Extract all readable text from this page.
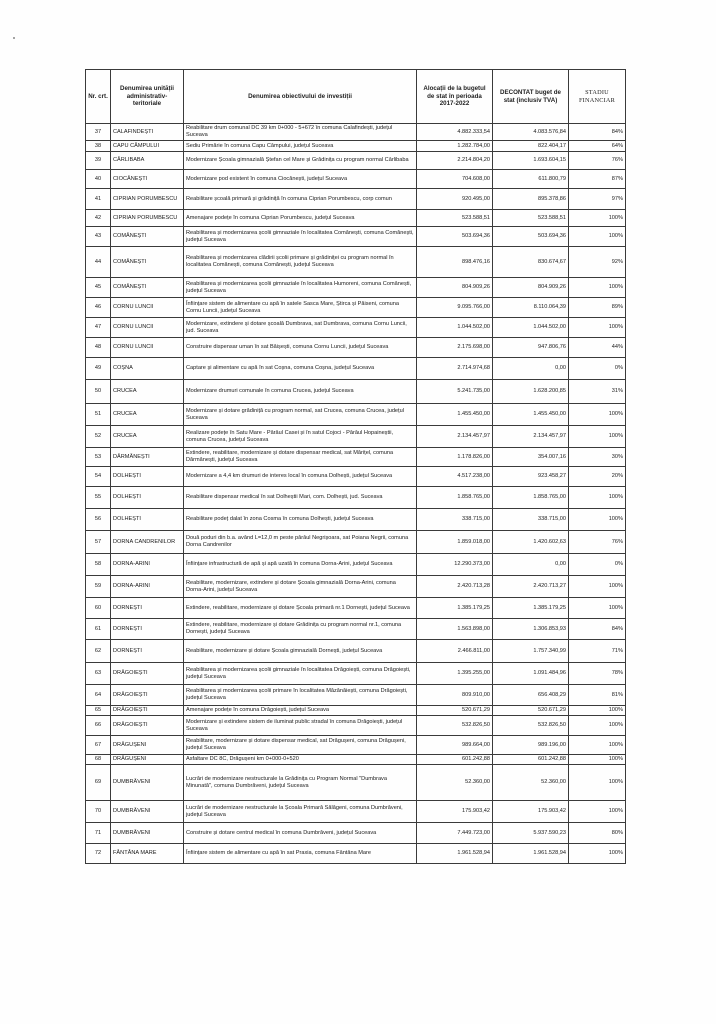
Nr. crt.	Denumirea unității administrativ-teritoriale	Denumirea obiectivului de investiții	Alocații de la bugetul de stat în perioada 2017-2022	DECONTAT buget de stat (inclusiv TVA)	STADIU FINANCIAR
37	CALAFINDEȘTI	Reabilitare drum comunal DC 39 km 0+000 - 5+672 în comuna Calafindești, județul Suceava	4.882.333,54	4.083.576,84	84%
38	CAPU CÂMPULUI	Sediu Primărie în comuna Capu Câmpului, județul Suceava	1.282.784,00	822.404,17	64%
39	CÂRLIBABA	Modernizare Școala gimnazială Ștefan cel Mare și Grădinița cu program normal Cârlibaba	2.214.804,20	1.693.604,15	76%
40	CIOCĂNEȘTI	Modernizare pod existent în comuna Ciocănești, județul Suceava	704.608,00	611.800,79	87%
41	CIPRIAN PORUMBESCU	Reabilitare școală primară și grădiniță în comuna Ciprian Porumbescu, corp comun	920.495,00	895.378,86	97%
42	CIPRIAN PORUMBESCU	Amenajare podețe în comuna Ciprian Porumbescu, județul Suceava	523.588,51	523.588,51	100%
43	COMĂNEȘTI	Reabilitarea și modernizarea școlii gimnaziale în localitatea Comănești, comuna Comănești, județul Suceava	503.694,36	503.694,36	100%
44	COMĂNEȘTI	Reabilitarea și modernizarea clădirii școlii primare și grădiniței cu program normal în localitatea Comănești, comuna Comănești, județul Suceava	898.476,16	830.674,67	92%
45	COMĂNEȘTI	Reabilitarea și modernizarea școlii gimnaziale în localitatea Humoreni, comuna Comănești, județul Suceava	804.909,26	804.909,26	100%
46	CORNU LUNCII	Înființare sistem de alimentare cu apă în satele Sasca Mare, Știrca și Păiseni, comuna Cornu Luncii, județul Suceava	9.095.766,00	8.110.064,39	89%
47	CORNU LUNCII	Modernizare, extindere și dotare școală Dumbrava, sat Dumbrava, comuna Cornu Luncii, jud. Suceava	1.044.502,00	1.044.502,00	100%
48	CORNU LUNCII	Construire dispensar uman în sat Băișești, comuna Cornu Luncii, județul Suceava	2.175.698,00	947.806,76	44%
49	COȘNA	Captare și alimentare cu apă în sat Coșna, comuna Coșna, județul Suceava	2.714.974,68	0,00	0%
50	CRUCEA	Modernizare drumuri comunale în comuna Crucea, județul Suceava	5.241.735,00	1.628.200,85	31%
51	CRUCEA	Modernizare și dotare grădiniță cu program normal, sat Crucea, comuna Crucea, județul Suceava	1.455.450,00	1.455.450,00	100%
52	CRUCEA	Realizare podețe în Satu Mare - Pârâul Casei și în satul Cojoci - Pârâul Hopaineștii, comuna Crucea, județul Suceava	2.134.457,97	2.134.457,97	100%
53	DĂRMĂNEȘTI	Extindere, reabilitare, modernizare și dotare dispensar medical, sat Mărițel, comuna Dărmănești, județul Suceava	1.178.826,00	354.007,16	30%
54	DOLHEȘTI	Modernizare a 4,4 km drumuri de interes local în comuna Dolhești, județul Suceava	4.517.238,00	923.458,27	20%
55	DOLHEȘTI	Reabilitare dispensar medical în sat Dolheștii Mari, com. Dolhești, jud. Suceava	1.858.765,00	1.858.765,00	100%
56	DOLHEȘTI	Reabilitare podeț dalat în zona Cosma în comuna Dolhești, județul Suceava	338.715,00	338.715,00	100%
57	DORNA CANDRENILOR	Două poduri din b.a. având L=12,0 m peste pârâul Negrișoara, sat Poiana Negrii, comuna Dorna Candrenilor	1.859.018,00	1.420.602,63	76%
58	DORNA-ARINI	Înființare infrastructură de apă și apă uzată în comuna Dorna-Arini, județul Suceava	12.290.373,00	0,00	0%
59	DORNA-ARINI	Reabilitare, modernizare, extindere și dotare Școala gimnazială Dorna-Arini, comuna Dorna-Arini, județul Suceava	2.420.713,28	2.420.713,27	100%
60	DORNEȘTI	Extindere, reabilitare, modernizare și dotare Școala primară nr.1 Dornești, județul Suceava	1.385.179,25	1.385.179,25	100%
61	DORNEȘTI	Extindere, reabilitare, modernizare și dotare Grădinița cu program normal nr.1, comuna Dornești, județul Suceava	1.563.898,00	1.306.853,93	84%
62	DORNEȘTI	Reabilitare, modernizare și dotare Școala gimnazială Dornești, județul Suceava	2.466.811,00	1.757.340,99	71%
63	DRĂGOIEȘTI	Reabilitarea și modernizarea școlii gimnaziale în localitatea Drăgoiești, comuna Drăgoiești, județul Suceava	1.395.255,00	1.091.484,96	78%
64	DRĂGOIEȘTI	Reabilitarea și modernizarea școlii primare în localitatea Măzănăiești, comuna Drăgoiești, județul Suceava	809.910,00	656.408,29	81%
65	DRĂGOIEȘTI	Amenajare podețe în comuna Drăgoiești, județul Suceava	520.671,29	520.671,29	100%
66	DRĂGOIEȘTI	Modernizare și extindere sistem de iluminat public stradal în comuna Drăgoiești, județul Suceava	532.826,50	532.826,50	100%
67	DRĂGUȘENI	Reabilitare, modernizare și dotare dispensar medical, sat Drăgușeni, comuna Drăgușeni, județul Suceava	989.664,00	989.196,00	100%
68	DRĂGUȘENI	Asfaltare DC 8C, Drăgușeni km 0+000-0+520	601.242,88	601.242,88	100%
69	DUMBRĂVENI	Lucrări de modernizare nestructurale la Grădinița cu Program Normal "Dumbrava Minunată", comuna Dumbrăveni, județul Suceava	52.360,00	52.360,00	100%
70	DUMBRĂVENI	Lucrări de modernizare nestructurale la Școala Primară Sălăgeni, comuna Dumbrăveni, județul Suceava	175.903,42	175.903,42	100%
71	DUMBRĂVENI	Construire și dotare centrul medical în comuna Dumbrăveni, județul Suceava	7.449.723,00	5.937.590,23	80%
72	FÂNTÂNA MARE	Înființare sistem de alimentare cu apă în sat Praxia, comuna Fântâna Mare	1.961.528,94	1.961.528,94	100%
